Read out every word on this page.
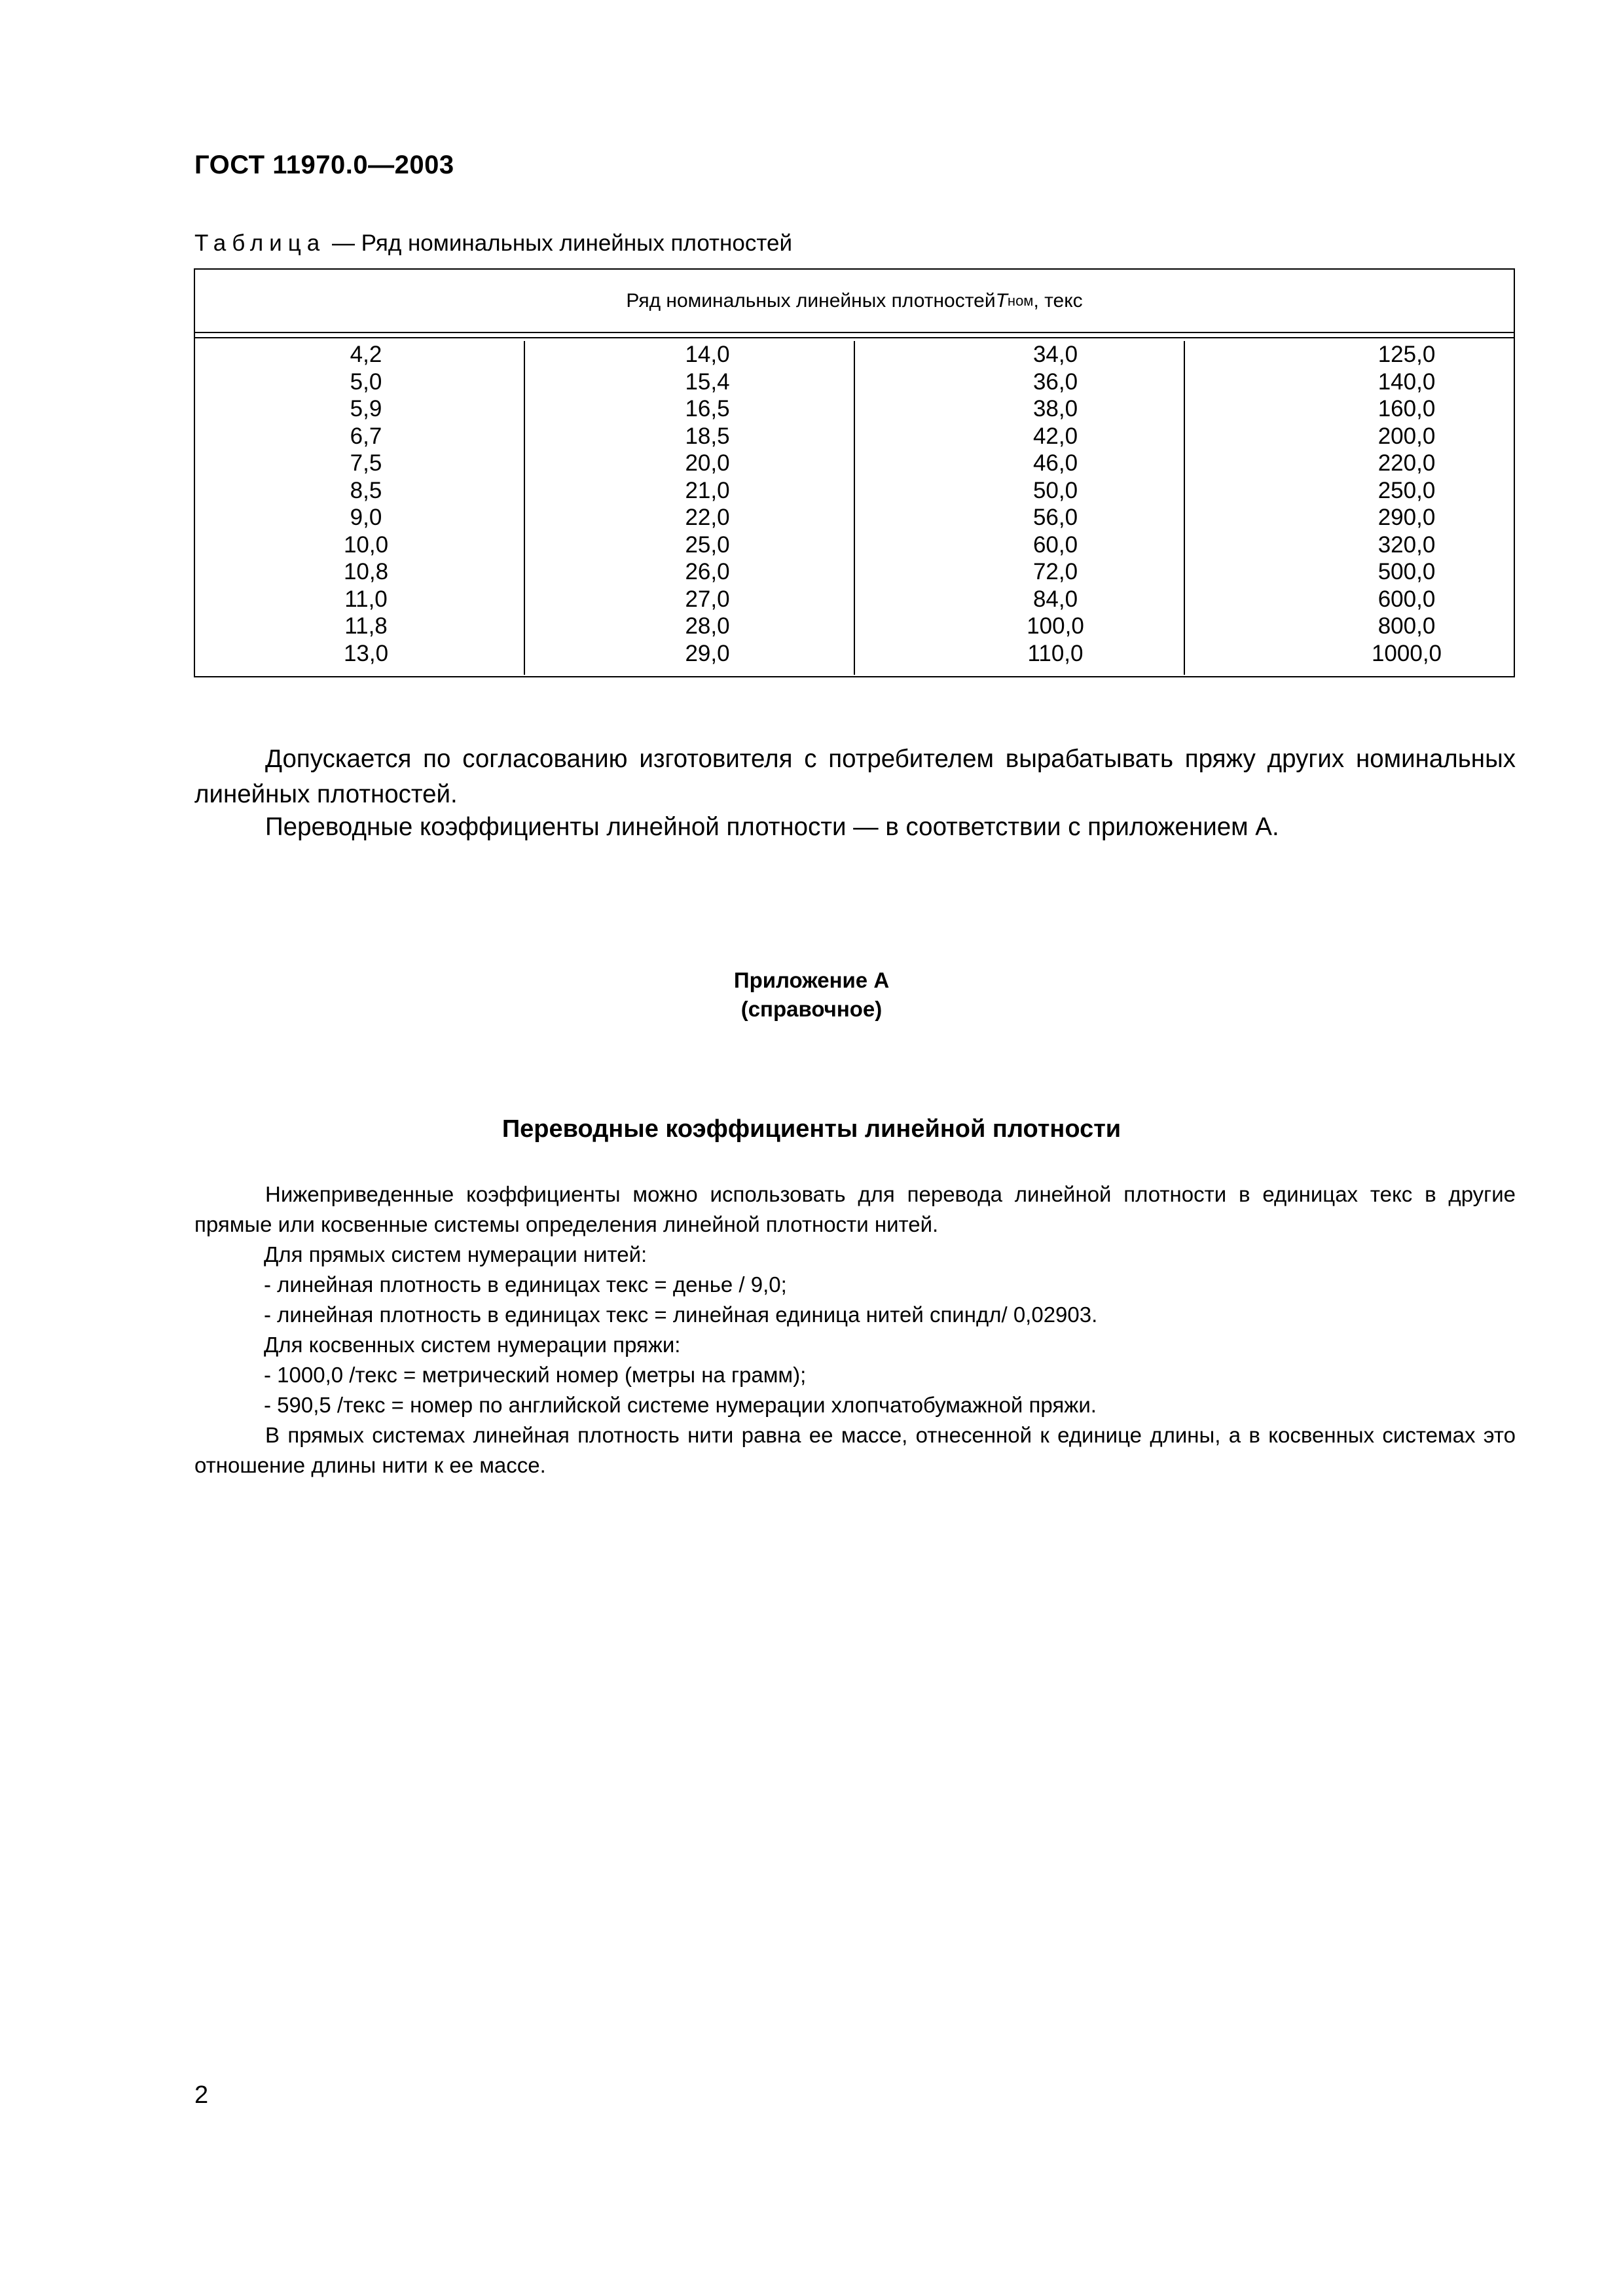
ГОСТ 11970.0—2003
Таблица — Ряд номинальных линейных плотностей
Ряд номинальных линейных плотностей T ном , текс
4,2
5,0
5,9
6,7
7,5
8,5
9,0
10,0
10,8
11,0
11,8
13,0
14,0
15,4
16,5
18,5
20,0
21,0
22,0
25,0
26,0
27,0
28,0
29,0
34,0
36,0
38,0
42,0
46,0
50,0
56,0
60,0
72,0
84,0
100,0
110,0
125,0
140,0
160,0
200,0
220,0
250,0
290,0
320,0
500,0
600,0
800,0
1000,0
Допускается по согласованию изготовителя с потребителем вырабатывать пряжу других номинальных линейных плотностей.
Переводные коэффициенты линейной плотности — в соответствии с приложением А.
Приложение А
(справочное)
Переводные коэффициенты линейной плотности

Нижеприведенные коэффициенты можно использовать для перевода линейной плотности в единицах текс в другие прямые или косвенные системы определения линейной плотности нитей.

Для прямых систем нумерации нитей:

- линейная плотность в единицах текс = денье / 9,0;

- линейная плотность в единицах текс = линейная единица нитей спиндл/ 0,02903.

Для косвенных систем нумерации пряжи:

- 1000,0 /текс = метрический номер (метры на грамм);

- 590,5 /текс = номер по английской системе нумерации хлопчатобумажной пряжи.

В прямых системах линейная плотность нити равна ее массе, отнесенной к единице длины, а в косвенных системах это отношение длины нити к ее массе.

2
